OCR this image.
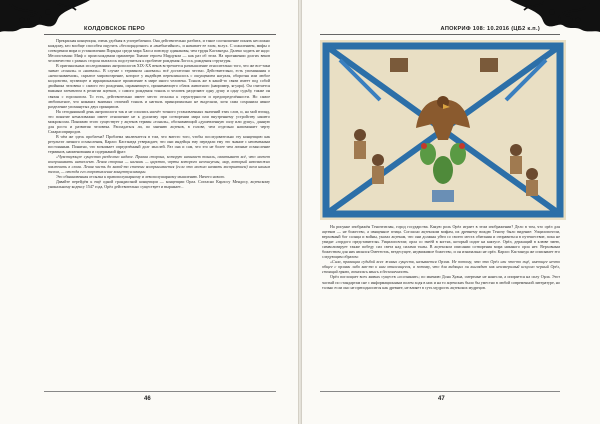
КОЛДОВСКОЕ ПЕРО

Прекрасная концепция, очень удобная в употреблении. Она действительно разбита, и такое соотношение понять несложно каждому, кто вообще способен ощутить «беспорядочное» и «внебытийное», и называет ее злом, вслух. С сожалением, мифы о сотворении мира и установлении Порядка среди мира Хаоса повсюду одинаковы, чем труды Кастанеды. Далеко ходить не надо: Месопотамия: Миф о происхождении праматери Тиамат героем Мардуком — как раз об этом. На протяжении долгих веков человечество с разных сторон пыталось подступиться к проблеме рождения Логоса, рождения структуры.

В оригинальных исследованиях антропологов XIX-XX веков встречается размышление относительно того, что же все-таки значат «тональ» и «нагваль». В случае с термином «нагваль» всё достаточно честно. Действительно, есть упоминания о «непознаваемом», скрытое мировоззрение, которое у индейцев перекликалось с ощущением нагуаля, оборотня или любое колдовства, пугающее и иррациональное проявление в мире иного человека. Тональ же в какой-то связи имеет под собой двойника человека с самого его рождения, охраняющего, принимающего облик животного (например, ягуара). Он считается важным элементом в религии ацтеков, с самого рождения тональ и человек разделяют одну душу и одну судьбу, также он связан с гороскопом. То есть, действительно имеет место отсылка к структурности и предопределённости. Но самое любопытное, что никаких внятных отличий тональ и нагваль принципиально не выделяли, хотя сама сохранила явное разделение упомянутых двух принципов.

На сегодняшний день антропологи так и не сошлись насчёт точного установленных значений этих слов, и, на мой взгляд, это понятие немаловажно имеет отношение не к дуализму при сотворении мира или внутреннему устройству нашего микрокосма. Понимаю этого существует у ацтеков термин «тональ», обозначающий «душевленную силу или душу», данную для роста и развития человека. Распадаться ли, по мнению ацтеков, в голове, чем отдельно напоминает черту Сахарасоприродов.

В чём же здесь проблема? Проблема заключается в том, что вместо того, чтобы последовательно эту концепцию как результат личного осмысления, Карлос Кастанеда утверждает, что они индейцы ему передали ему это знание с неизменным постоянным. Понятно, что возникает определённый долг мыслей. Раз она и сам, что это не более чем личные осмысление терминов, наименования и содержаний фраз:

«Чувствующее существо разделено надвое. Правая сторона, которую называет тональ, охватывает всё, что может воспринимать интеллект. Левая сторона — нагваль — царство, черты которого неописуемы, мир, который невозможно заключить в слова. Левая часть до какой-то степени воспринимается (если это можно назвать восприятием) всем нашим телом, — отсюда его сопротивление концептуализации.

Это обыкновенная отсылка к правополушарному и левополушарному мышлению. Ничего нового.

Давайте перейдём к ещё одной грандиозной концепции — концепции Орла. Согласно Карлосу Мендосу, ацтекскому уникальному кодексу 1547 года, Орёл действительно существует и выражает...

46
АПОКРИФ 108: 10.2016 (ЦБ2 к.п.)

На рисунке изображён Теночтитлан, город государства. Какую роль Орёл играет в этом изображении? Дело в том, что орёл для ацтеков — не божество, а священное птица. Согласно ацтекским мифам, их древнему вождю Теночу было видение: Уицилопочтли, верховный бог солнца и войны, указал ацтекам, что они должны уйти со своего места обитания и отправиться в путешествие, пока не увидят «гордого представителя» Уицилопочтли; орла со змеёй в когтях, который сидит на кактусе. Орёл, держащий в клюве змею, символизирует также победу сил света над силами тьмы. В ацтекском описании сотворения мира никакого орла нет. Верховным божеством для них являлся Ометеотль, вездесущее, недвижимое божество, и он изначально не орёл. Карлос Кастанеда же описывает его следующим образом:

«Сила, правящая судьбой всех живых существ, называется Орлом. Не потому, что это Орёл или что-то ещё, имеющее нечто общее с орлами либо как-то к ним относящееся, а потому, что для видящих он выглядит как неизмеримый искусно черный Орёл, стоящий прямо, возносясь ввысь в бесконечность.

Орёл поглощает всех живых существ «осознание»; по мнению Дона Хуана, смертные не нанесли, а опирается на силу Орла. Этот частый по стандартам сне с информационным полем ходя в них и на то ацтекских было бы уместно в любой современной литературе, но только если оно не преподносится как древнее, не влияет в суть мудрость ацтекских мудрецов.

47
